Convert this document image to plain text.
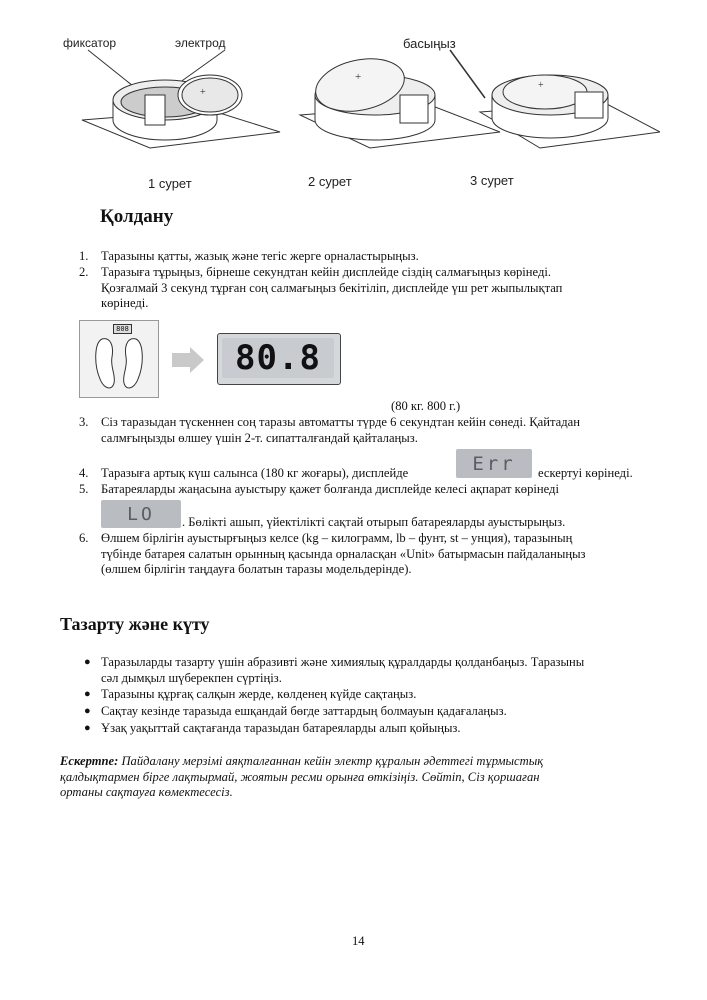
фиксатор	электрод	басыңыз
+
+
+
1 сурет	2 сурет	3 сурет
Қолдану
1. Таразыны қатты, жазық және тегіс жерге орналастырыңыз.
2. Таразыға тұрыңыз, бірнеше секундтан кейін дисплейде сіздің салмағыңыз көрінеді.
Қозғалмай 3 секунд тұрған соң салмағыңыз бекітіліп, дисплейде үш рет жыпылықтап
көрінеді.
808
80.8
(80 кг. 800 г.)
3. Сіз таразыдан түскеннен соң таразы автоматты түрде 6 секундтан кейін сөнеді. Қайтадан
салмғыңызды өлшеу үшін 2-т. сипатталғандай қайталаңыз.
4. Таразыға артық күш салынса (180 кг жоғары), дисплейде	Err	ескертуі көрінеді.
5. Батареяларды жаңасына ауыстыру қажет болғанда дисплейде келесі ақпарат көрінеді
LO	. Бөлікті ашып, үйектілікті сақтай отырып батареяларды ауыстырыңыз.
6. Өлшем бірлігін ауыстырғыңыз келсе (kg – килограмм, lb – фунт, st – унция), таразының
түбінде батарея салатын орынның қасында орналасқан «Unit» батырмасын пайдаланыңыз
(өлшем бірлігін таңдауға болатын таразы модельдерінде).
Тазарту және күту
● Таразыларды тазарту үшін абразивті және химиялық құралдарды қолданбаңыз. Таразыны
сәл дымқыл шүберекпен сүртіңіз.
● Таразыны құрғақ салқын жерде, көлденең күйде сақтаңыз.
● Сақтау кезінде таразыда ешқандай бөгде заттардың болмауын қадағалаңыз.
● Ұзақ уақыттай сақтағанда таразыдан батареяларды алып қойыңыз.
Ескертпе: Пайдалану мерзімі аяқталғаннан кейін электр құралын әдеттегі тұрмыстық
қалдықтармен бірге лақтырмай, жоятын ресми орынға өткізіңіз. Сөйтіп, Сіз қоршаған
ортаны сақтауға көмектесесіз.
14
